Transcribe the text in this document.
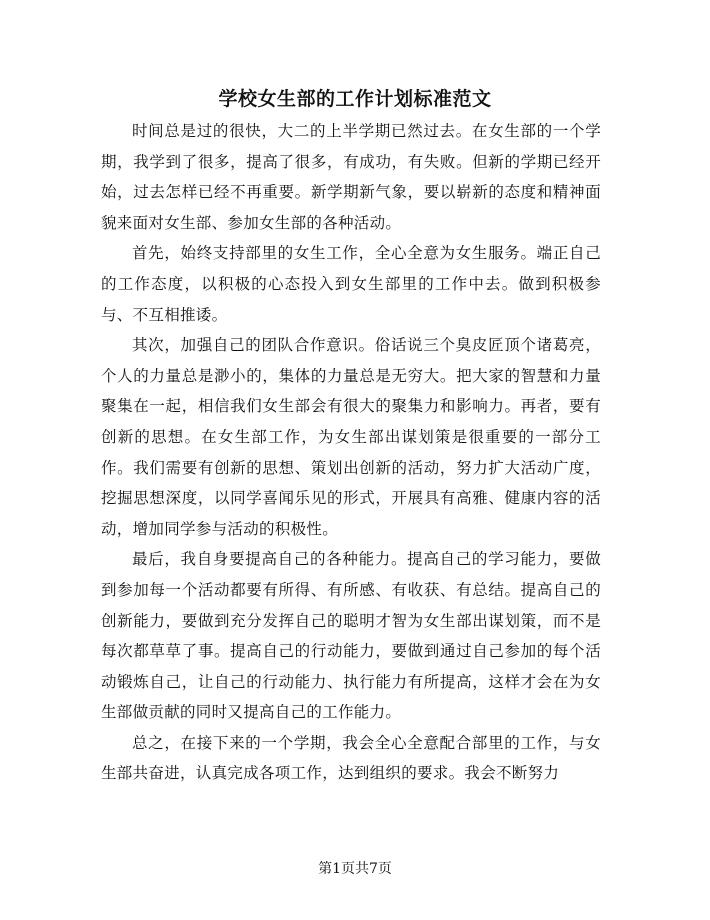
学校女生部的工作计划标准范文

时间总是过的很快，大二的上半学期已然过去。在女生部的一个学期，我学到了很多，提高了很多，有成功，有失败。但新的学期已经开始，过去怎样已经不再重要。新学期新气象，要以崭新的态度和精神面貌来面对女生部、参加女生部的各种活动。

首先，始终支持部里的女生工作，全心全意为女生服务。端正自己的工作态度，以积极的心态投入到女生部里的工作中去。做到积极参与、不互相推诿。

其次，加强自己的团队合作意识。俗话说三个臭皮匠顶个诸葛亮，个人的力量总是渺小的，集体的力量总是无穷大。把大家的智慧和力量聚集在一起，相信我们女生部会有很大的聚集力和影响力。再者，要有创新的思想。在女生部工作，为女生部出谋划策是很重要的一部分工作。我们需要有创新的思想、策划出创新的活动，努力扩大活动广度，挖掘思想深度，以同学喜闻乐见的形式，开展具有高雅、健康内容的活动，增加同学参与活动的积极性。

最后，我自身要提高自己的各种能力。提高自己的学习能力，要做到参加每一个活动都要有所得、有所感、有收获、有总结。提高自己的创新能力，要做到充分发挥自己的聪明才智为女生部出谋划策，而不是每次都草草了事。提高自己的行动能力，要做到通过自己参加的每个活动锻炼自己，让自己的行动能力、执行能力有所提高，这样才会在为女生部做贡献的同时又提高自己的工作能力。

总之，在接下来的一个学期，我会全心全意配合部里的工作，与女生部共奋进，认真完成各项工作，达到组织的要求。我会不断努力

第1页共7页
